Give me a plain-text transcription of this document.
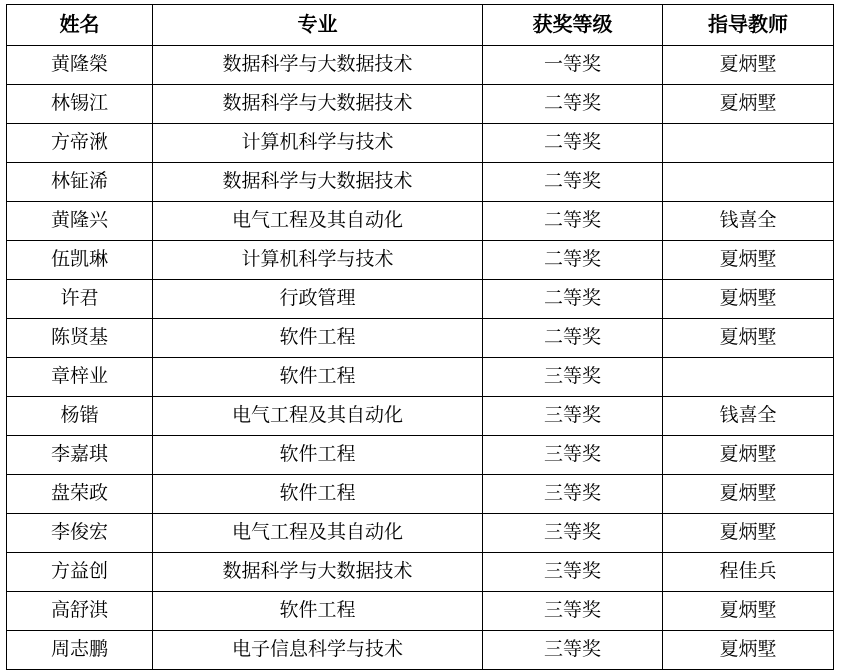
姓名	专业	获奖等级	指导教师
黄隆榮	数据科学与大数据技术	一等奖	夏炳墅
林锡江	数据科学与大数据技术	二等奖	夏炳墅
方帝湫	计算机科学与技术	二等奖	
林钲浠	数据科学与大数据技术	二等奖	
黄隆兴	电气工程及其自动化	二等奖	钱喜全
伍凯琳	计算机科学与技术	二等奖	夏炳墅
许君	行政管理	二等奖	夏炳墅
陈贤基	软件工程	二等奖	夏炳墅
章梓业	软件工程	三等奖	
杨锴	电气工程及其自动化	三等奖	钱喜全
李嘉琪	软件工程	三等奖	夏炳墅
盘荣政	软件工程	三等奖	夏炳墅
李俊宏	电气工程及其自动化	三等奖	夏炳墅
方益创	数据科学与大数据技术	三等奖	程佳兵
高舒淇	软件工程	三等奖	夏炳墅
周志鹏	电子信息科学与技术	三等奖	夏炳墅
